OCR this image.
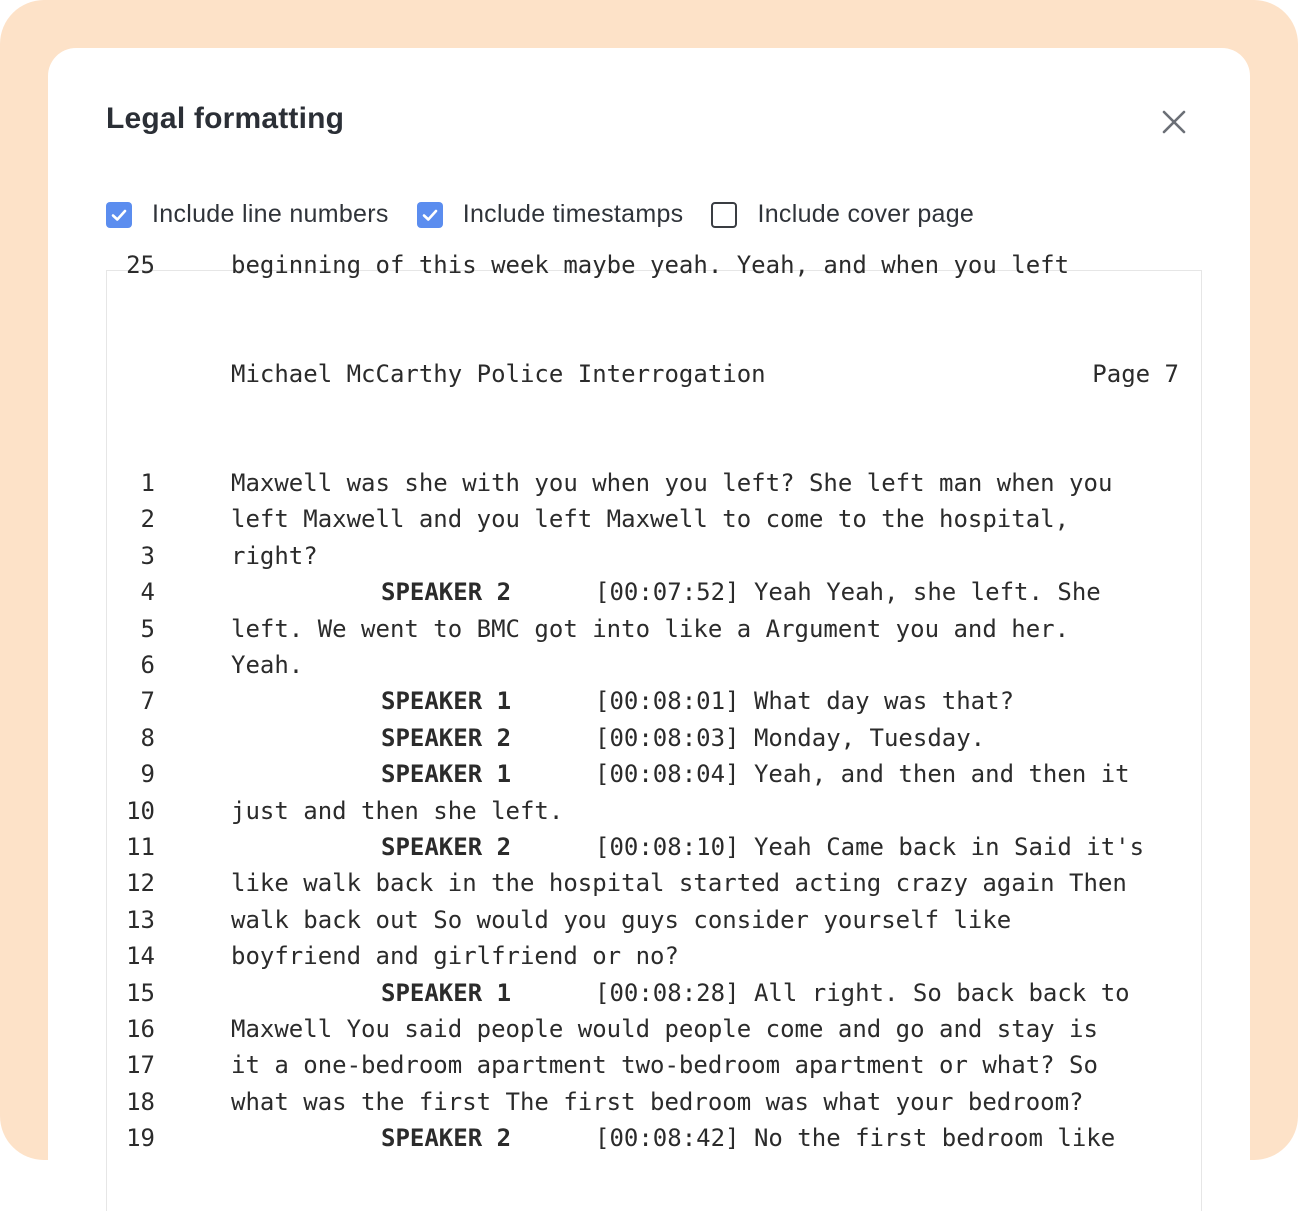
Legal formatting
Include line numbers	Include timestamps	Include cover page
25	beginning of this week maybe yeah. Yeah, and when you left
Michael McCarthy Police Interrogation	Page 7
1	Maxwell was she with you when you left? She left man when you
2	left Maxwell and you left Maxwell to come to the hospital,
3	right?
4	SPEAKER 2	[00:07:52] Yeah Yeah, she left. She
5	left. We went to BMC got into like a Argument you and her.
6	Yeah.
7	SPEAKER 1	[00:08:01] What day was that?
8	SPEAKER 2	[00:08:03] Monday, Tuesday.
9	SPEAKER 1	[00:08:04] Yeah, and then and then it
10	just and then she left.
11	SPEAKER 2	[00:08:10] Yeah Came back in Said it's
12	like walk back in the hospital started acting crazy again Then
13	walk back out So would you guys consider yourself like
14	boyfriend and girlfriend or no?
15	SPEAKER 1	[00:08:28] All right. So back back to
16	Maxwell You said people would people come and go and stay is
17	it a one-bedroom apartment two-bedroom apartment or what? So
18	what was the first The first bedroom was what your bedroom?
19	SPEAKER 2	[00:08:42] No the first bedroom like
